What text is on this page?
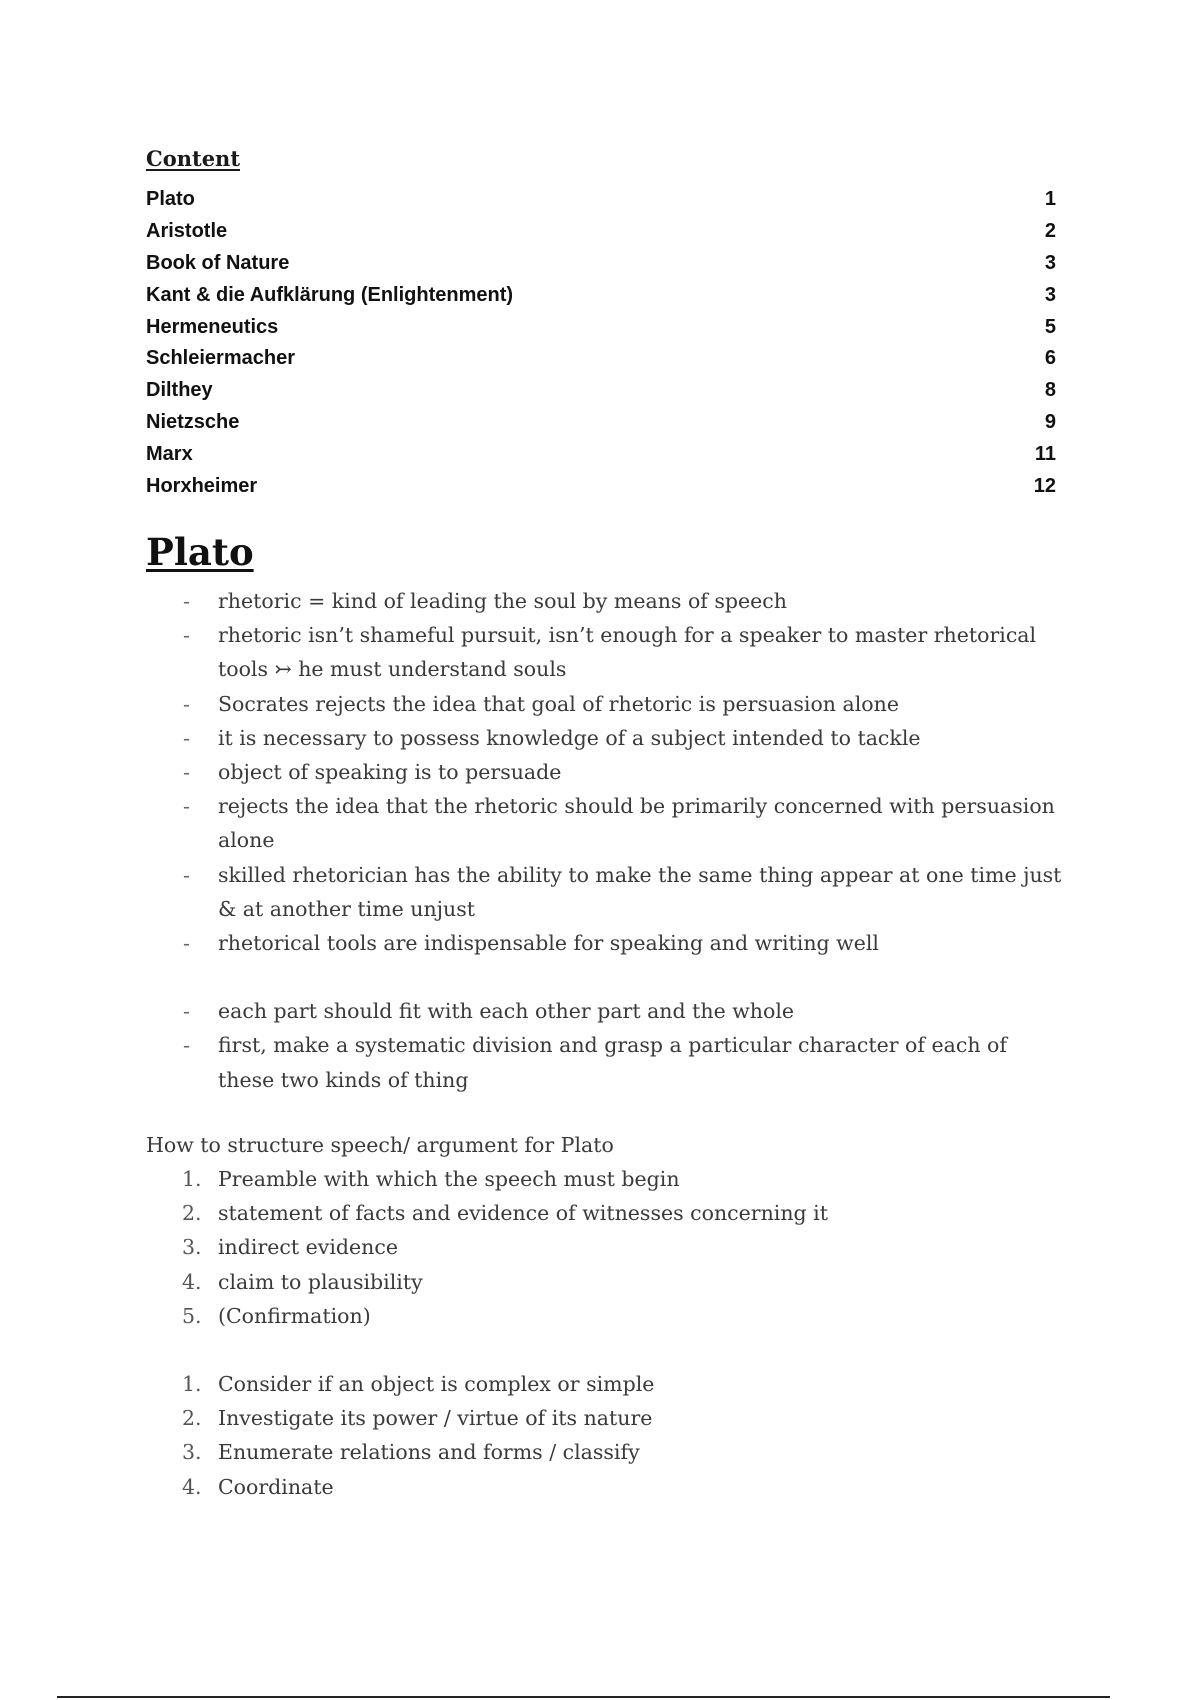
Content
Plato	1
Aristotle	2
Book of Nature	3
Kant & die Aufklärung (Enlightenment)	3
Hermeneutics	5
Schleiermacher	6
Dilthey	8
Nietzsche	9
Marx	11
Horxheimer	12
Plato
-	rhetoric = kind of leading the soul by means of speech
-	rhetoric isn’t shameful pursuit, isn’t enough for a speaker to master rhetorical tools ↣ he must understand souls
-	Socrates rejects the idea that goal of rhetoric is persuasion alone
-	it is necessary to possess knowledge of a subject intended to tackle
-	object of speaking is to persuade
-	rejects the idea that the rhetoric should be primarily concerned with persuasion alone
-	skilled rhetorician has the ability to make the same thing appear at one time just & at another time unjust
-	rhetorical tools are indispensable for speaking and writing well
-	each part should fit with each other part and the whole
-	first, make a systematic division and grasp a particular character of each of these two kinds of thing
How to structure speech/ argument for Plato
1. Preamble with which the speech must begin
2. statement of facts and evidence of witnesses concerning it
3. indirect evidence
4. claim to plausibility
5. (Confirmation)
1. Consider if an object is complex or simple
2. Investigate its power / virtue of its nature
3. Enumerate relations and forms / classify
4. Coordinate
